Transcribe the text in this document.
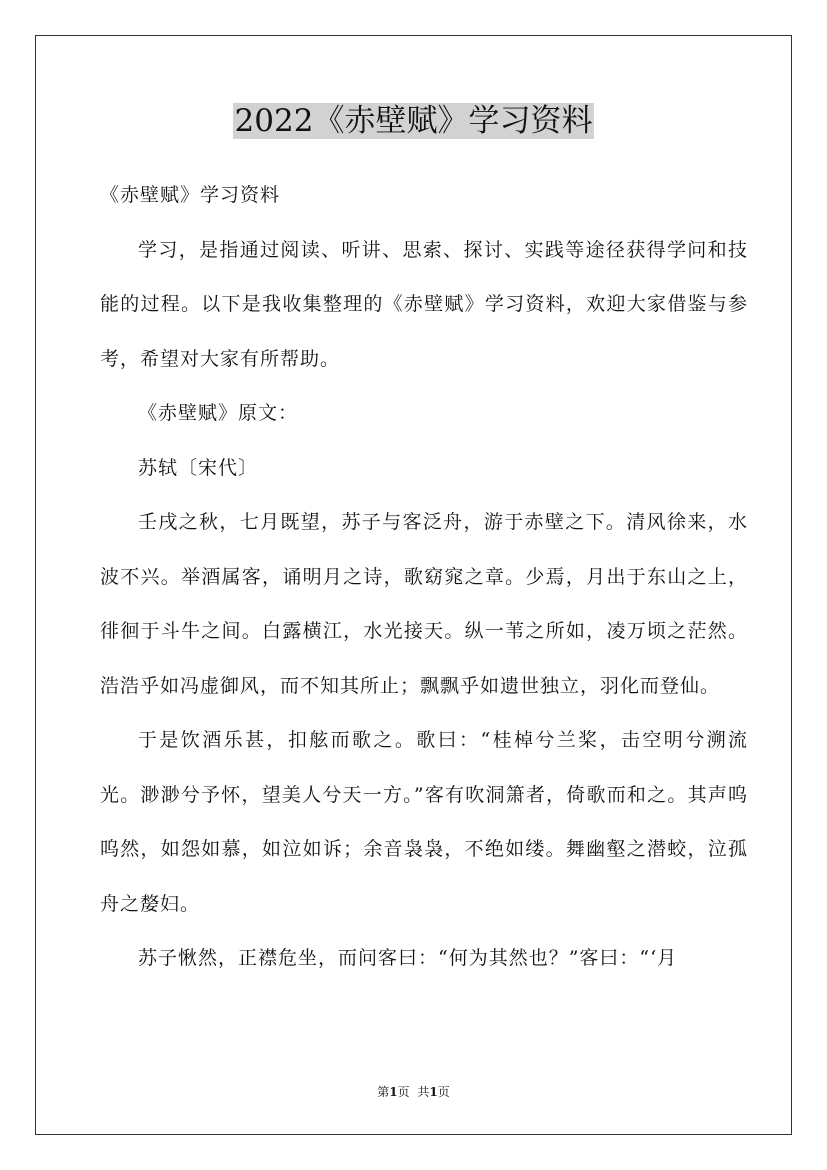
2022《赤壁赋》学习资料

《赤壁赋》学习资料

学习，是指通过阅读、听讲、思索、探讨、实践等途径获得学问和技能的过程。以下是我收集整理的《赤壁赋》学习资料，欢迎大家借鉴与参考，希望对大家有所帮助。

《赤壁赋》原文：

苏轼〔宋代〕

壬戌之秋，七月既望，苏子与客泛舟，游于赤壁之下。清风徐来，水波不兴。举酒属客，诵明月之诗，歌窈窕之章。少焉，月出于东山之上，徘徊于斗牛之间。白露横江，水光接天。纵一苇之所如，凌万顷之茫然。浩浩乎如冯虚御风，而不知其所止；飘飘乎如遗世独立，羽化而登仙。

于是饮酒乐甚，扣舷而歌之。歌曰：“桂棹兮兰桨，击空明兮溯流光。渺渺兮予怀，望美人兮天一方。”客有吹洞箫者，倚歌而和之。其声呜呜然，如怨如慕，如泣如诉；余音袅袅，不绝如缕。舞幽壑之潜蛟，泣孤舟之嫠妇。

苏子愀然，正襟危坐，而问客曰：“何为其然也？”客曰：“‘月

第1页 共1页
